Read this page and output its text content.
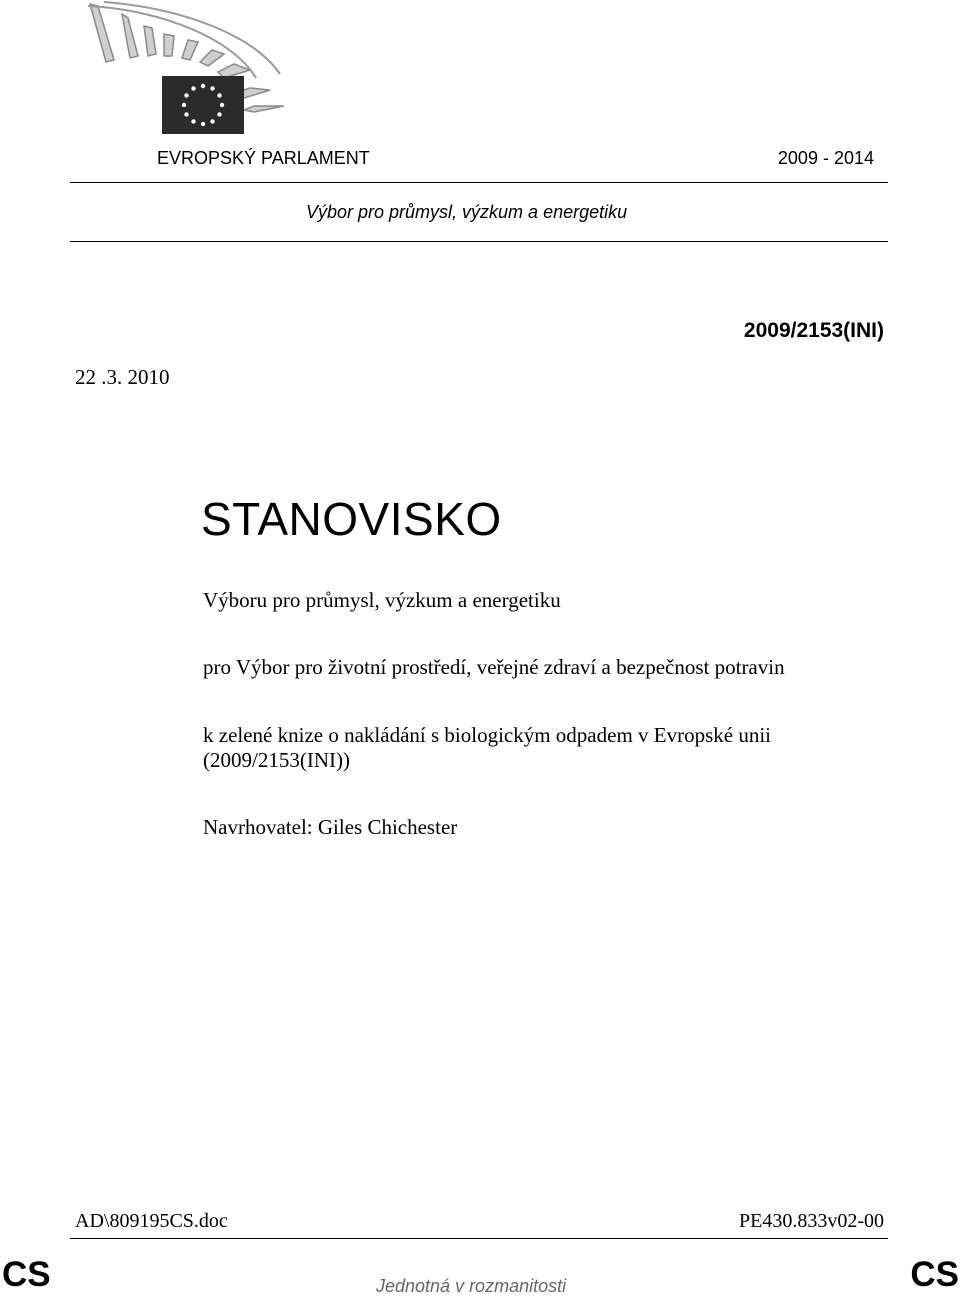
EVROPSKÝ PARLAMENT	2009 - 2014
Výbor pro průmysl, výzkum a energetiku
2009/2153(INI)
22 .3. 2010
STANOVISKO
Výboru pro průmysl, výzkum a energetiku
pro Výbor pro životní prostředí, veřejné zdraví a bezpečnost potravin
k zelené knize o nakládání s biologickým odpadem v Evropské unii
(2009/2153(INI))
Navrhovatel: Giles Chichester
AD\809195CS.doc	PE430.833v02-00
CS	Jednotná v rozmanitosti	CS
